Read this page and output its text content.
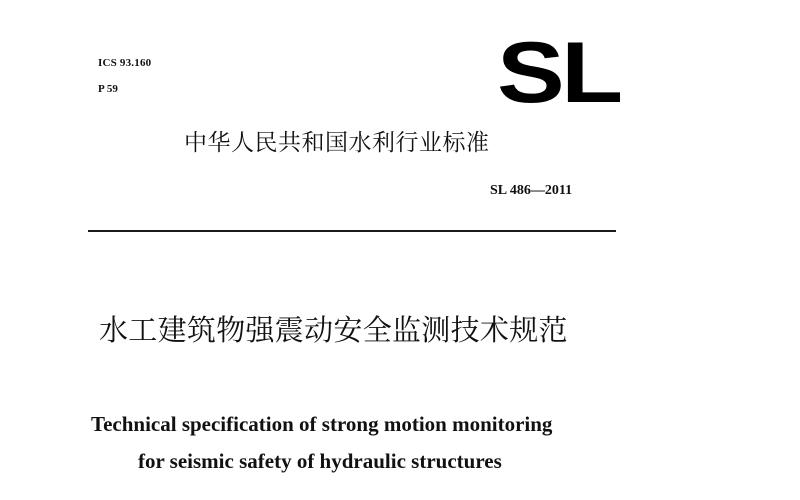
ICS 93.160
P 59	SL
中华人民共和国水利行业标准
SL 486—2011
水工建筑物强震动安全监测技术规范
Technical specification of strong motion monitoring
for seismic safety of hydraulic structures
